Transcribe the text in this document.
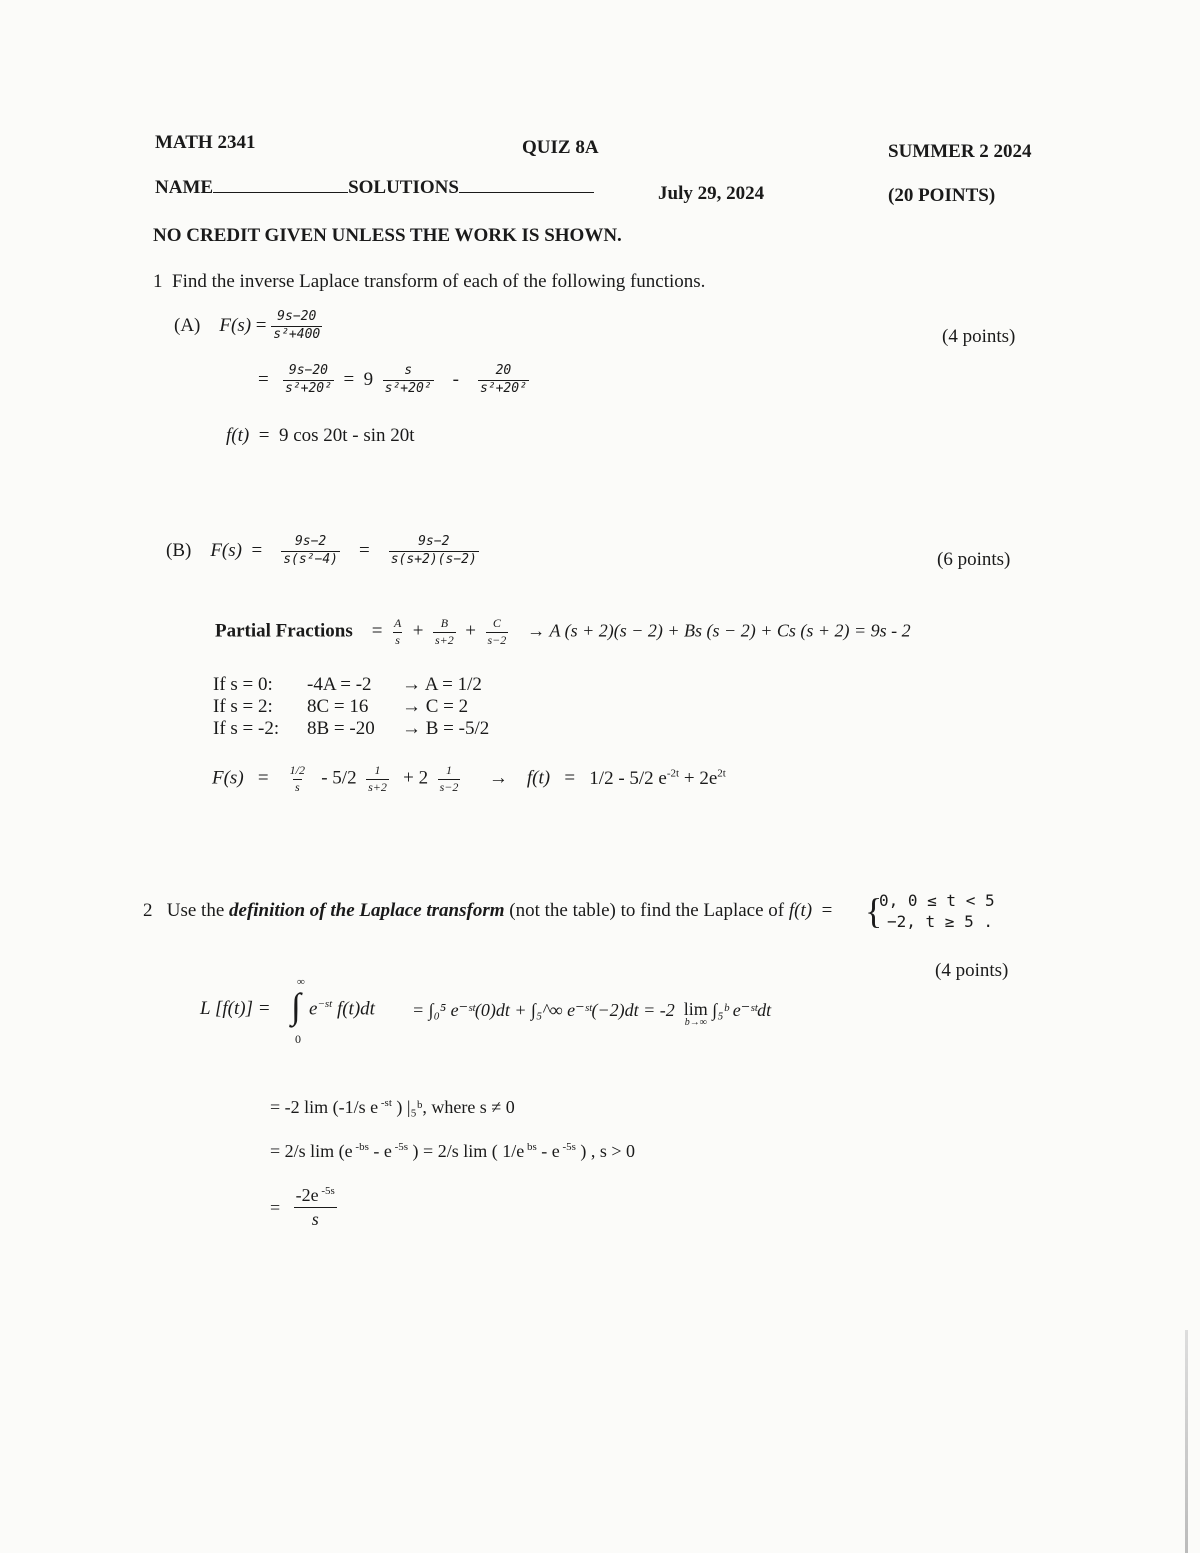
MATH 2341	QUIZ 8A	SUMMER 2 2024
NAME	SOLUTIONS	July 29, 2024	(20 POINTS)
NO CREDIT GIVEN UNLESS THE WORK IS SHOWN.
1 Find the inverse Laplace transform of each of the following functions.
(A) $F(s) = \frac{9s-20}{\text{s²+400}}$	(4 points)
= $\frac{9s-20}{\text{s²+20²}} = 9 \frac{s}{\text{s²+20²}} - \frac{20}{\text{s²+20²}}$
f(t) = 9 cos 20t - sin 20t
(B) $F(s) = \frac{9s-2}{\text{s(s²−4)}} = \frac{9s-2}{s(s+2)(s-2)}$	(6 points)
Partial Fractions = $\frac{A}{s} + \frac{B}{s+2} + \frac{C}{s-2} \to A$ (s + 2)(s − 2) + Bs (s − 2) + Cs (s + 2) = 9s - 2
If s = 0: -4A = -2 → A = 1/2
If s = 2: 8C = 16 → C = 2
If s = -2: 8B = -20 → B = -5/2
$F(s) = \frac{1/2}{s} - 5/2 \frac{1}{s+2} + 2 \frac{1}{s-2} \to f(t) = 1/2 - 5/2$ $e^{-2t} + 2e^{2t}$
2 Use the definition of the Laplace transform (not the table) to find the Laplace of f(t) = {
0, 0 ≤ t < 5
−2, t ≥ 5 .
(4 points)
L [f(t)] =
∞
∫
0
$e^{-st}$ f(t)dt = ∫₀⁵ e⁻ˢᵗ(0)dt + ∫₅^∞ e⁻ˢᵗ(−2)dt = -2 lim
b→∞
∫₅ᵇ e⁻ˢᵗdt
= -2 lim (-1/s e $^{-st}$ ) |₅ᵇ, where s ≠ 0
= 2/s lim (e $^{-bs}$ - e $^{-5s}$ ) = 2/s lim ( 1/e $^{bs}$ - e $^{-5s}$ ) , s > 0
= $\frac{-2e ^{-5s}}{s}$
